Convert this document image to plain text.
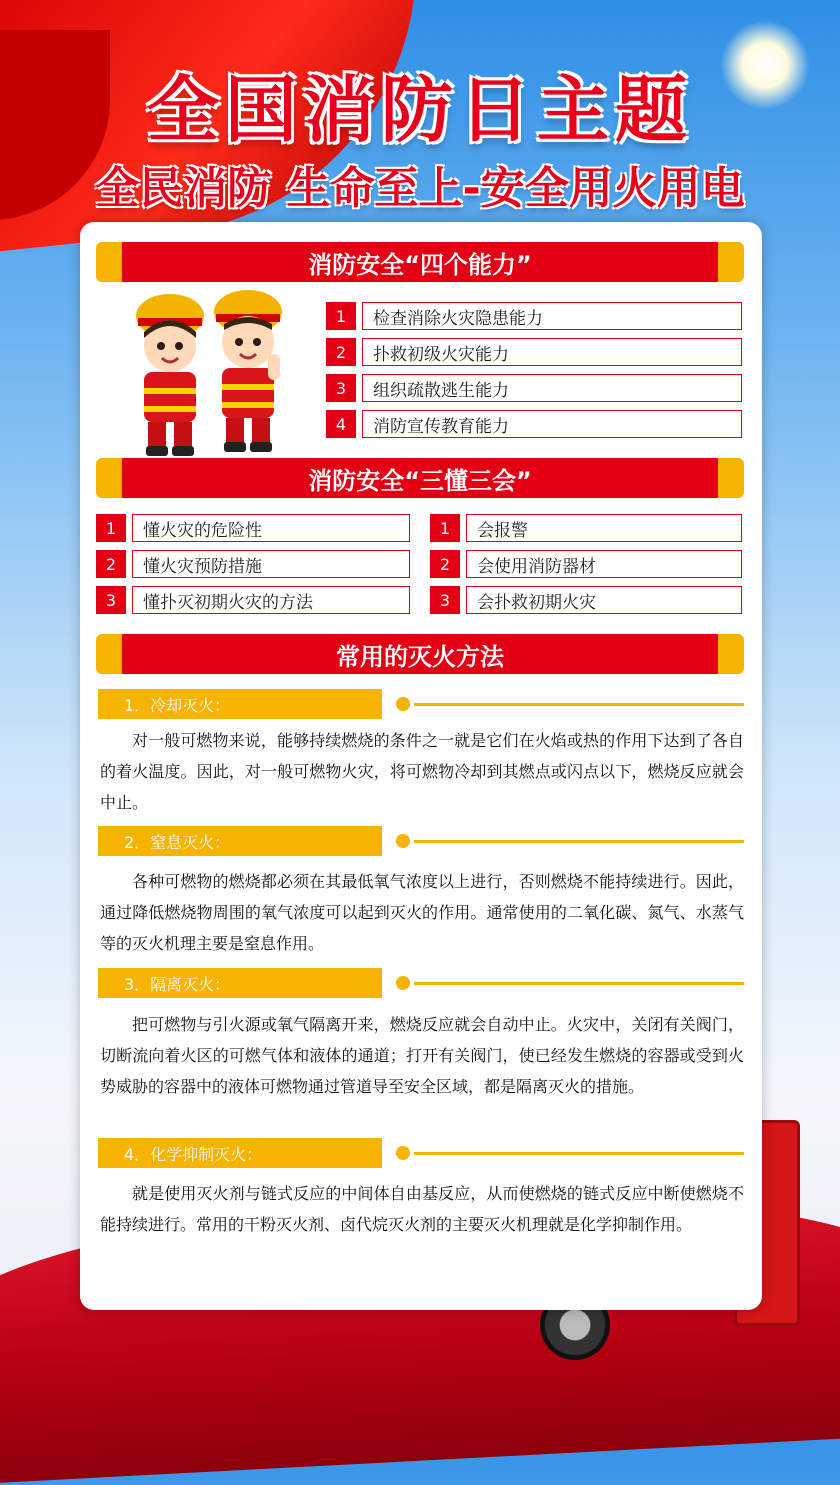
全国消防日主题
全民消防 生命至上-安全用火用电
消防安全“四个能力”
1	检查消除火灾隐患能力
2	扑救初级火灾能力
3	组织疏散逃生能力
4	消防宣传教育能力
消防安全“三懂三会”
1	懂火灾的危险性
2	懂火灾预防措施
3	懂扑灭初期火灾的方法
1	会报警
2	会使用消防器材
3	会扑救初期火灾
常用的灭火方法
1．冷却灭火：
对一般可燃物来说，能够持续燃烧的条件之一就是它们在火焰或热的作用下达到了各自的着火温度。因此，对一般可燃物火灾，将可燃物冷却到其燃点或闪点以下，燃烧反应就会中止。
2．窒息灭火：
各种可燃物的燃烧都必须在其最低氧气浓度以上进行，否则燃烧不能持续进行。因此，通过降低燃烧物周围的氧气浓度可以起到灭火的作用。通常使用的二氧化碳、氮气、水蒸气等的灭火机理主要是窒息作用。
3．隔离灭火：
把可燃物与引火源或氧气隔离开来，燃烧反应就会自动中止。火灾中，关闭有关阀门，切断流向着火区的可燃气体和液体的通道；打开有关阀门，使已经发生燃烧的容器或受到火势威胁的容器中的液体可燃物通过管道导至安全区域，都是隔离灭火的措施。
4．化学抑制灭火：
就是使用灭火剂与链式反应的中间体自由基反应，从而使燃烧的链式反应中断使燃烧不能持续进行。常用的干粉灭火剂、卤代烷灭火剂的主要灭火机理就是化学抑制作用。
